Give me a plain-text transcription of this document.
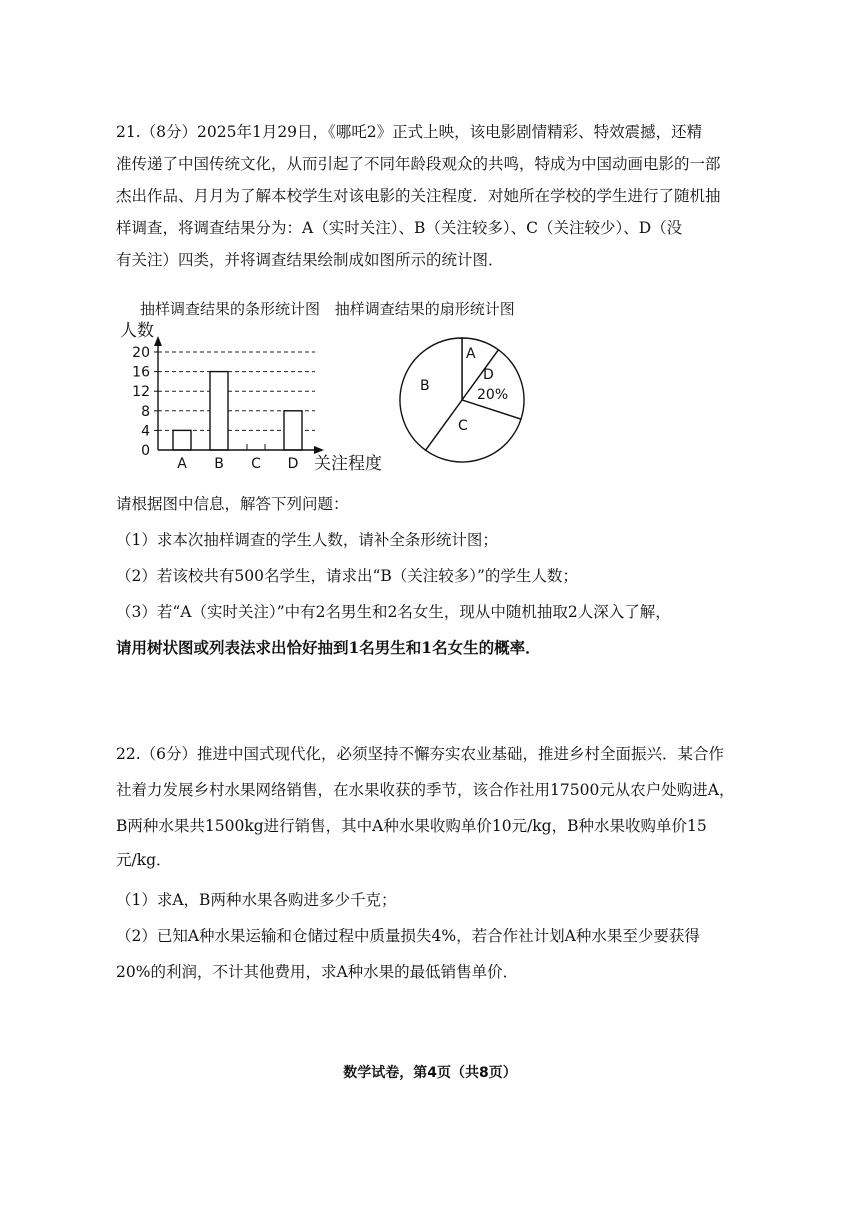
21.（8分）2025年1月29日，《哪吒2》正式上映，该电影剧情精彩、特效震撼，还精
准传递了中国传统文化，从而引起了不同年龄段观众的共鸣，特成为中国动画电影的一部
杰出作品、月月为了解本校学生对该电影的关注程度．对她所在学校的学生进行了随机抽
样调查，将调查结果分为：A（实时关注）、B（关注较多）、C（关注较少）、D（没
有关注）四类，并将调查结果绘制成如图所示的统计图．
抽样调查结果的条形统计图 抽样调查结果的扇形统计图
人数
0
4
8
12
16
20
A B C D 关注程度
A
D
20%
C
B
请根据图中信息，解答下列问题：
（1）求本次抽样调查的学生人数，请补全条形统计图；
（2）若该校共有500名学生，请求出“B（关注较多）”的学生人数；
（3）若“A（实时关注）”中有2名男生和2名女生，现从中随机抽取2人深入了解，
请用树状图或列表法求出恰好抽到1名男生和1名女生的概率．
22.（6分）推进中国式现代化，必须坚持不懈夯实农业基础，推进乡村全面振兴．某合作
社着力发展乡村水果网络销售，在水果收获的季节，该合作社用17500元从农户处购进A，
B两种水果共1500kg进行销售，其中A种水果收购单价10元/kg，B种水果收购单价15
元/kg．
（1）求A，B两种水果各购进多少千克；
（2）已知A种水果运输和仓储过程中质量损失4%，若合作社计划A种水果至少要获得
20%的利润，不计其他费用，求A种水果的最低销售单价．
数学试卷，第4页（共8页）
